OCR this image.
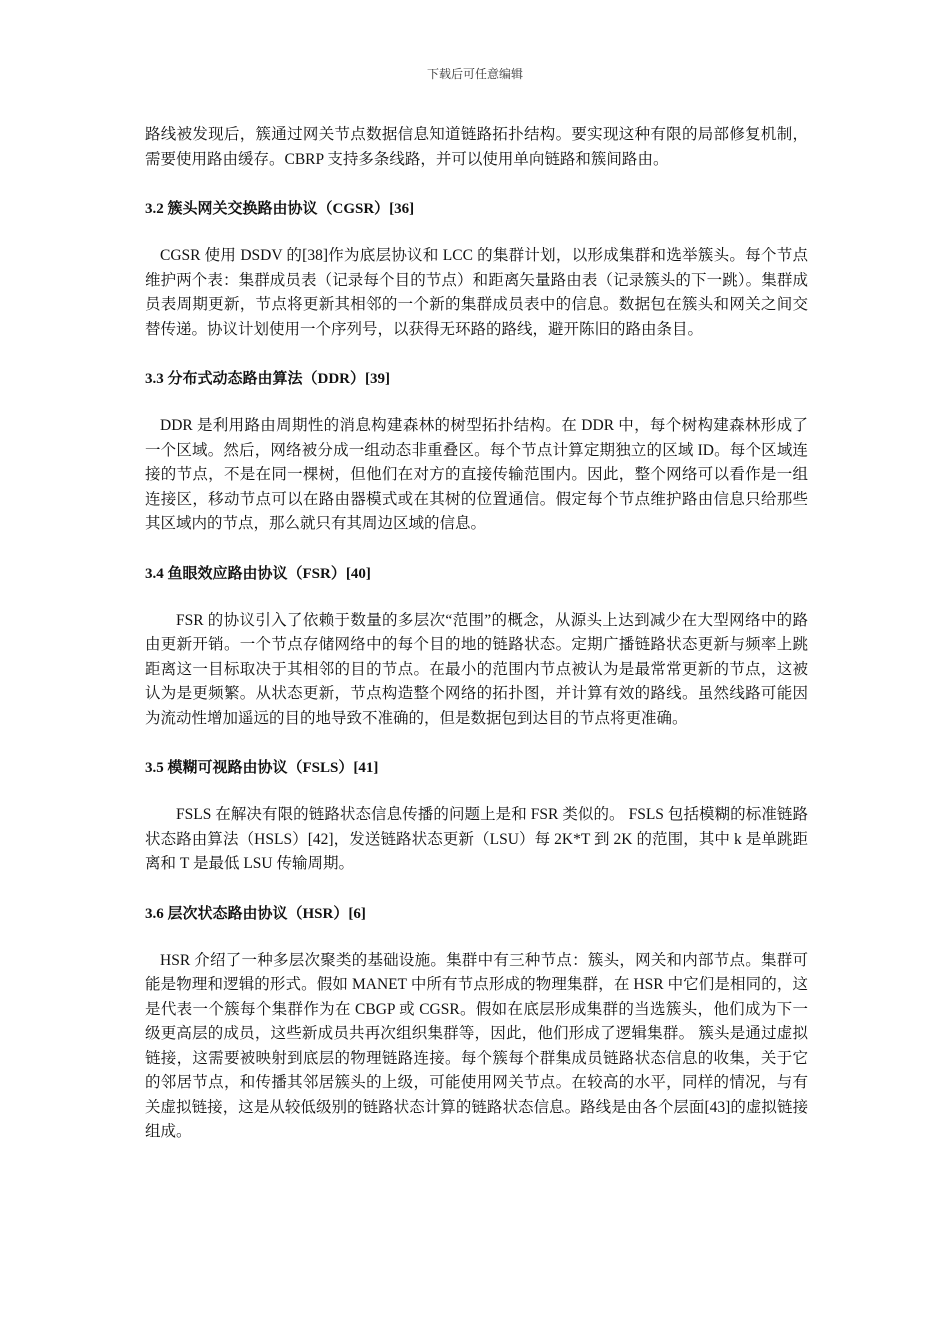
下载后可任意编辑

路线被发现后，簇通过网关节点数据信息知道链路拓扑结构。要实现这种有限的局部修复机制，需要使用路由缓存。CBRP 支持多条线路，并可以使用单向链路和簇间路由。

3.2 簇头网关交换路由协议（CGSR）[36]

CGSR 使用 DSDV 的[38]作为底层协议和 LCC 的集群计划，以形成集群和选举簇头。每个节点维护两个表：集群成员表（记录每个目的节点）和距离矢量路由表（记录簇头的下一跳）。集群成员表周期更新，节点将更新其相邻的一个新的集群成员表中的信息。数据包在簇头和网关之间交替传递。协议计划使用一个序列号，以获得无环路的路线，避开陈旧的路由条目。

3.3 分布式动态路由算法（DDR）[39]

DDR 是利用路由周期性的消息构建森林的树型拓扑结构。在 DDR 中，每个树构建森林形成了一个区域。然后，网络被分成一组动态非重叠区。每个节点计算定期独立的区域 ID。每个区域连接的节点，不是在同一棵树，但他们在对方的直接传输范围内。因此，整个网络可以看作是一组连接区，移动节点可以在路由器模式或在其树的位置通信。假定每个节点维护路由信息只给那些其区域内的节点，那么就只有其周边区域的信息。

3.4 鱼眼效应路由协议（FSR）[40]

FSR 的协议引入了依赖于数量的多层次“范围”的概念，从源头上达到减少在大型网络中的路由更新开销。一个节点存储网络中的每个目的地的链路状态。定期广播链路状态更新与频率上跳距离这一目标取决于其相邻的目的节点。在最小的范围内节点被认为是最常常更新的节点，这被认为是更频繁。从状态更新，节点构造整个网络的拓扑图，并计算有效的路线。虽然线路可能因为流动性增加遥远的目的地导致不准确的，但是数据包到达目的节点将更准确。

3.5 模糊可视路由协议（FSLS）[41]

FSLS 在解决有限的链路状态信息传播的问题上是和 FSR 类似的。 FSLS 包括模糊的标准链路状态路由算法（HSLS）[42]，发送链路状态更新（LSU）每 2K*T 到 2K 的范围，其中 k 是单跳距离和 T 是最低 LSU 传输周期。

3.6 层次状态路由协议（HSR）[6]

HSR 介绍了一种多层次聚类的基础设施。集群中有三种节点：簇头，网关和内部节点。集群可能是物理和逻辑的形式。假如 MANET 中所有节点形成的物理集群，在 HSR 中它们是相同的，这是代表一个簇每个集群作为在 CBGP 或 CGSR。假如在底层形成集群的当选簇头，他们成为下一级更高层的成员，这些新成员共再次组织集群等，因此，他们形成了逻辑集群。 簇头是通过虚拟链接，这需要被映射到底层的物理链路连接。每个簇每个群集成员链路状态信息的收集，关于它的邻居节点，和传播其邻居簇头的上级，可能使用网关节点。在较高的水平，同样的情况，与有关虚拟链接，这是从较低级别的链路状态计算的链路状态信息。路线是由各个层面[43]的虚拟链接组成。
